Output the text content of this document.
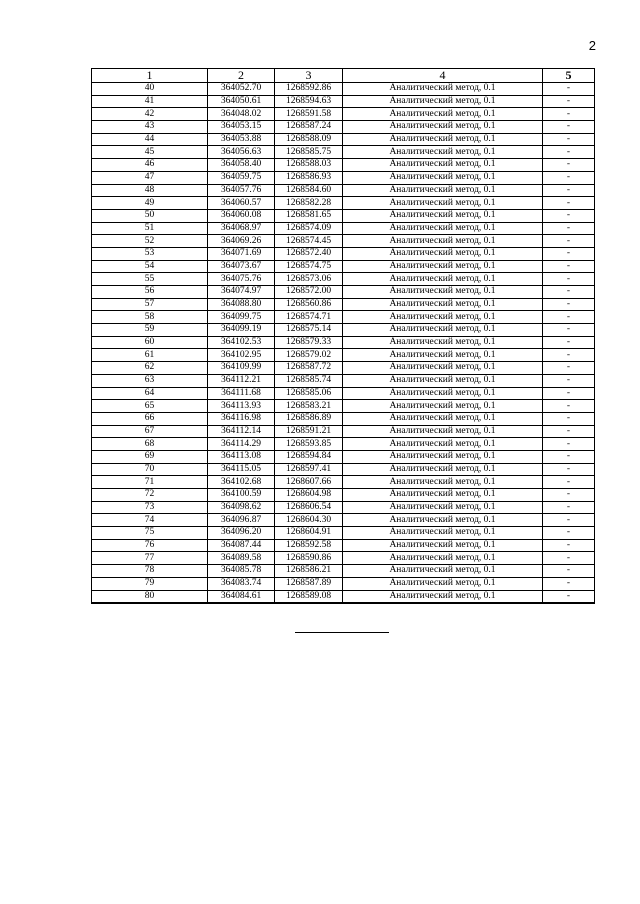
2
1	2	3	4	5
40	364052.70	1268592.86	Аналитический метод, 0.1	-
41	364050.61	1268594.63	Аналитический метод, 0.1	-
42	364048.02	1268591.58	Аналитический метод, 0.1	-
43	364053.15	1268587.24	Аналитический метод, 0.1	-
44	364053.88	1268588.09	Аналитический метод, 0.1	-
45	364056.63	1268585.75	Аналитический метод, 0.1	-
46	364058.40	1268588.03	Аналитический метод, 0.1	-
47	364059.75	1268586.93	Аналитический метод, 0.1	-
48	364057.76	1268584.60	Аналитический метод, 0.1	-
49	364060.57	1268582.28	Аналитический метод, 0.1	-
50	364060.08	1268581.65	Аналитический метод, 0.1	-
51	364068.97	1268574.09	Аналитический метод, 0.1	-
52	364069.26	1268574.45	Аналитический метод, 0.1	-
53	364071.69	1268572.40	Аналитический метод, 0.1	-
54	364073.67	1268574.75	Аналитический метод, 0.1	-
55	364075.76	1268573.06	Аналитический метод, 0.1	-
56	364074.97	1268572.00	Аналитический метод, 0.1	-
57	364088.80	1268560.86	Аналитический метод, 0.1	-
58	364099.75	1268574.71	Аналитический метод, 0.1	-
59	364099.19	1268575.14	Аналитический метод, 0.1	-
60	364102.53	1268579.33	Аналитический метод, 0.1	-
61	364102.95	1268579.02	Аналитический метод, 0.1	-
62	364109.99	1268587.72	Аналитический метод, 0.1	-
63	364112.21	1268585.74	Аналитический метод, 0.1	-
64	364111.68	1268585.06	Аналитический метод, 0.1	-
65	364113.93	1268583.21	Аналитический метод, 0.1	-
66	364116.98	1268586.89	Аналитический метод, 0.1	-
67	364112.14	1268591.21	Аналитический метод, 0.1	-
68	364114.29	1268593.85	Аналитический метод, 0.1	-
69	364113.08	1268594.84	Аналитический метод, 0.1	-
70	364115.05	1268597.41	Аналитический метод, 0.1	-
71	364102.68	1268607.66	Аналитический метод, 0.1	-
72	364100.59	1268604.98	Аналитический метод, 0.1	-
73	364098.62	1268606.54	Аналитический метод, 0.1	-
74	364096.87	1268604.30	Аналитический метод, 0.1	-
75	364096.20	1268604.91	Аналитический метод, 0.1	-
76	364087.44	1268592.58	Аналитический метод, 0.1	-
77	364089.58	1268590.86	Аналитический метод, 0.1	-
78	364085.78	1268586.21	Аналитический метод, 0.1	-
79	364083.74	1268587.89	Аналитический метод, 0.1	-
80	364084.61	1268589.08	Аналитический метод, 0.1	-
